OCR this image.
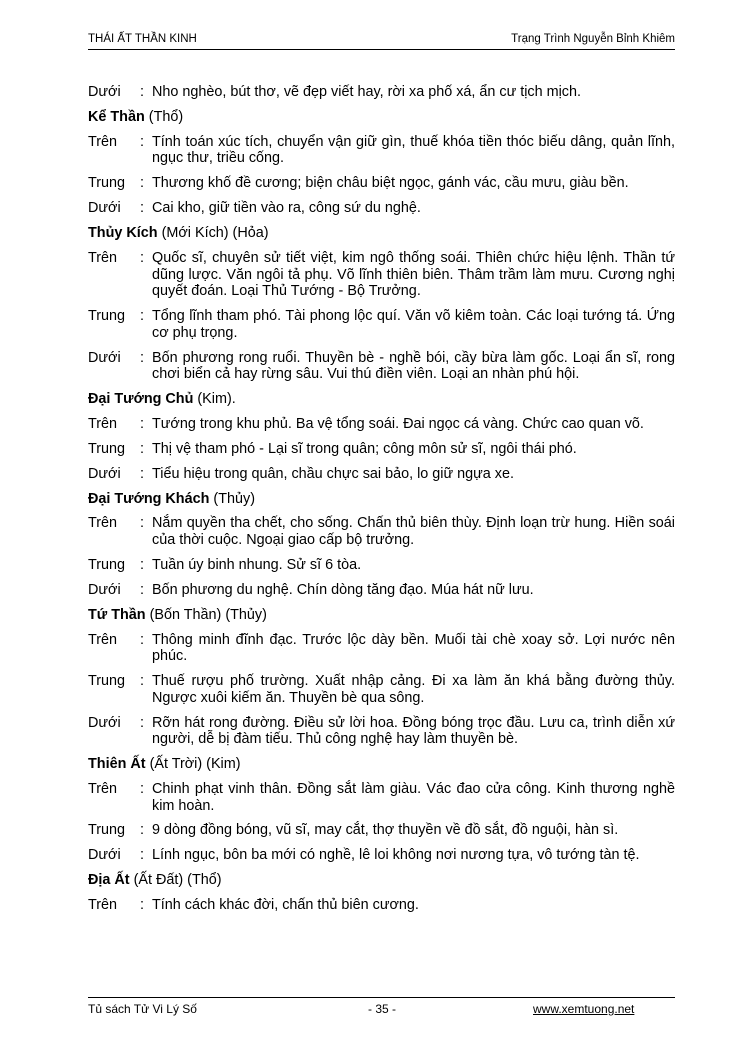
THÁI ẤT THẦN KINH	Trạng Trình Nguyễn Bỉnh Khiêm
Dưới	: Nho nghèo, bút thơ, vẽ đẹp viết hay, rời xa phố xá, ẩn cư tịch mịch.
Kể Thần (Thổ)
Trên	: Tính toán xúc tích, chuyển vận giữ gìn, thuế khóa tiền thóc biếu dâng, quản lĩnh, ngục thư, triều cống.
Trung	: Thương khố đề cương; biện châu biệt ngọc, gánh vác, cầu mưu, giàu bền.
Dưới	: Cai kho, giữ tiền vào ra, công sứ du nghệ.
Thủy Kích (Mới Kích) (Hỏa)
Trên	: Quốc sĩ, chuyên sử tiết việt, kim ngô thống soái. Thiên chức hiệu lệnh. Thần tứ dũng lược. Văn ngôi tả phụ. Võ lĩnh thiên biên. Thâm trầm làm mưu. Cương nghị quyết đoán. Loại Thủ Tướng - Bộ Trưởng.
Trung	: Tổng lĩnh tham phó. Tài phong lộc quí. Văn võ kiêm toàn. Các loại tướng tá. Ứng cơ phụ trọng.
Dưới	: Bốn phương rong ruổi. Thuyền bè - nghề bói, cầy bừa làm gốc. Loại ẩn sĩ, rong chơi biển cả hay rừng sâu. Vui thú điền viên. Loại an nhàn phú hội.
Đại Tướng Chủ (Kim).
Trên	: Tướng trong khu phủ. Ba vệ tổng soái. Đai ngọc cá vàng. Chức cao quan võ.
Trung	: Thị vệ tham phó - Lại sĩ trong quân; công môn sử sĩ, ngôi thái phó.
Dưới	: Tiểu hiệu trong quân, chầu chực sai bảo, lo giữ ngựa xe.
Đại Tướng Khách (Thủy)
Trên	: Nắm quyền tha chết, cho sống. Chấn thủ biên thùy. Định loạn trừ hung. Hiền soái của thời cuộc. Ngoại giao cấp bộ trưởng.
Trung	: Tuần úy binh nhung. Sử sĩ 6 tòa.
Dưới	: Bốn phương du nghệ. Chín dòng tăng đạo. Múa hát nữ lưu.
Tứ Thần (Bốn Thần) (Thủy)
Trên	: Thông minh đĩnh đạc. Trước lộc dày bền. Muối tài chè xoay sở. Lợi nước nên phúc.
Trung	: Thuế rượu phố trường. Xuất nhập cảng. Đi xa làm ăn khá bằng đường thủy. Ngược xuôi kiếm ăn. Thuyền bè qua sông.
Dưới	: Rỡn hát rong đường. Điều sử lời hoa. Đồng bóng trọc đầu. Lưu ca, trình diễn xứ người, dễ bị đàm tiếu. Thủ công nghệ hay làm thuyền bè.
Thiên Ất (Ất Trời) (Kim)
Trên	: Chinh phạt vinh thân. Đồng sắt làm giàu. Vác đao cửa công. Kinh thương nghề kim hoàn.
Trung	: 9 dòng đồng bóng, vũ sĩ, may cắt, thợ thuyền về đồ sắt, đồ nguội, hàn sì.
Dưới	: Lính ngục, bôn ba mới có nghề, lê loi không nơi nương tựa, vô tướng tàn tệ.
Địa Ất (Ất Đất) (Thổ)
Trên	: Tính cách khác đời, chấn thủ biên cương.
Tủ sách Tử Vi Lý Số	- 35 -	www.xemtuong.net
